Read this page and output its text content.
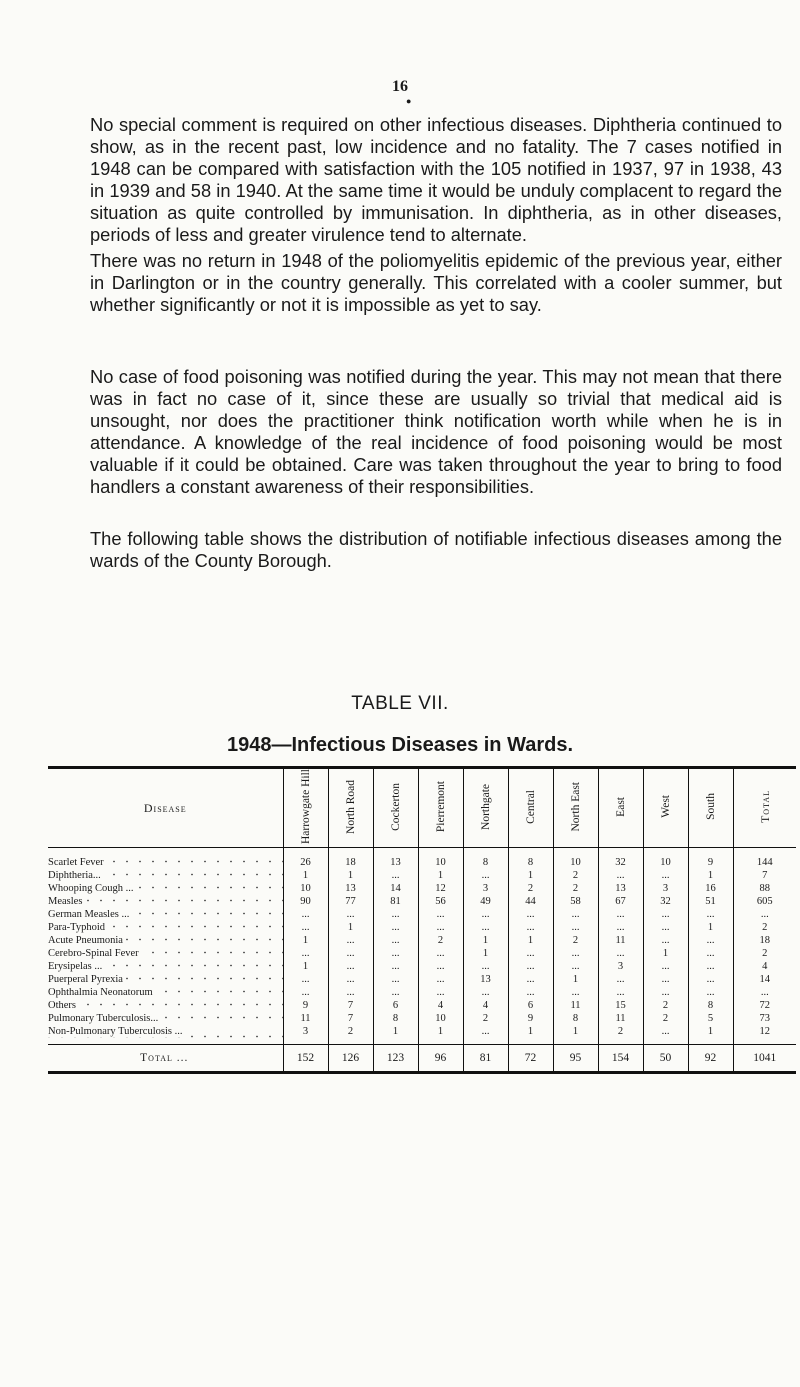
16
●

No special comment is required on other infectious diseases. Diphtheria continued to show, as in the recent past, low incidence and no fatality. The 7 cases notified in 1948 can be compared with satisfaction with the 105 notified in 1937, 97 in 1938, 43 in 1939 and 58 in 1940. At the same time it would be unduly complacent to regard the situation as quite controlled by immunisation. In diphtheria, as in other diseases, periods of less and greater virulence tend to alternate.

There was no return in 1948 of the poliomyelitis epidemic of the previous year, either in Darlington or in the country generally. This correlated with a cooler summer, but whether significantly or not it is impossible as yet to say.

No case of food poisoning was notified during the year. This may not mean that there was in fact no case of it, since these are usually so trivial that medical aid is unsought, nor does the practitioner think notification worth while when he is in attendance. A knowledge of the real incidence of food poisoning would be most valuable if it could be obtained. Care was taken throughout the year to bring to food handlers a constant awareness of their responsibilities.

The following table shows the distribution of notifiable infectious diseases among the wards of the County Borough.

TABLE VII.
1948—Infectious Diseases in Wards.
Disease	Harrowgate Hill	North Road	Cockerton	Pierremont	Northgate	Central	North East	East	West	South	Total
Scarlet Fever	26	18	13	10	8	8	10	32	10	9	144
Diphtheria...	1	1	...	1	...	1	2	...	...	1	7
Whooping Cough ...	10	13	14	12	3	2	2	13	3	16	88
Measles	90	77	81	56	49	44	58	67	32	51	605
German Measles ...	...	...	...	...	...	...	...	...	...	...	...
Para-Typhoid	...	1	...	...	...	...	...	...	...	1	2
Acute Pneumonia	1	...	...	2	1	1	2	11	...	...	18
Cerebro-Spinal Fever	...	...	...	...	1	...	...	...	1	...	2
Erysipelas ...	1	...	...	...	...	...	...	3	...	...	4
Puerperal Pyrexia	...	...	...	...	13	...	1	...	...	...	14
Ophthalmia Neonatorum	...	...	...	...	...	...	...	...	...	...	...
Others	9	7	6	4	4	6	11	15	2	8	72
Pulmonary Tuberculosis...	11	7	8	10	2	9	8	11	2	5	73
Non-Pulmonary Tuberculosis ...	3	2	1	1	...	1	1	2	...	1	12
Total ...	152	126	123	96	81	72	95	154	50	92	1041
